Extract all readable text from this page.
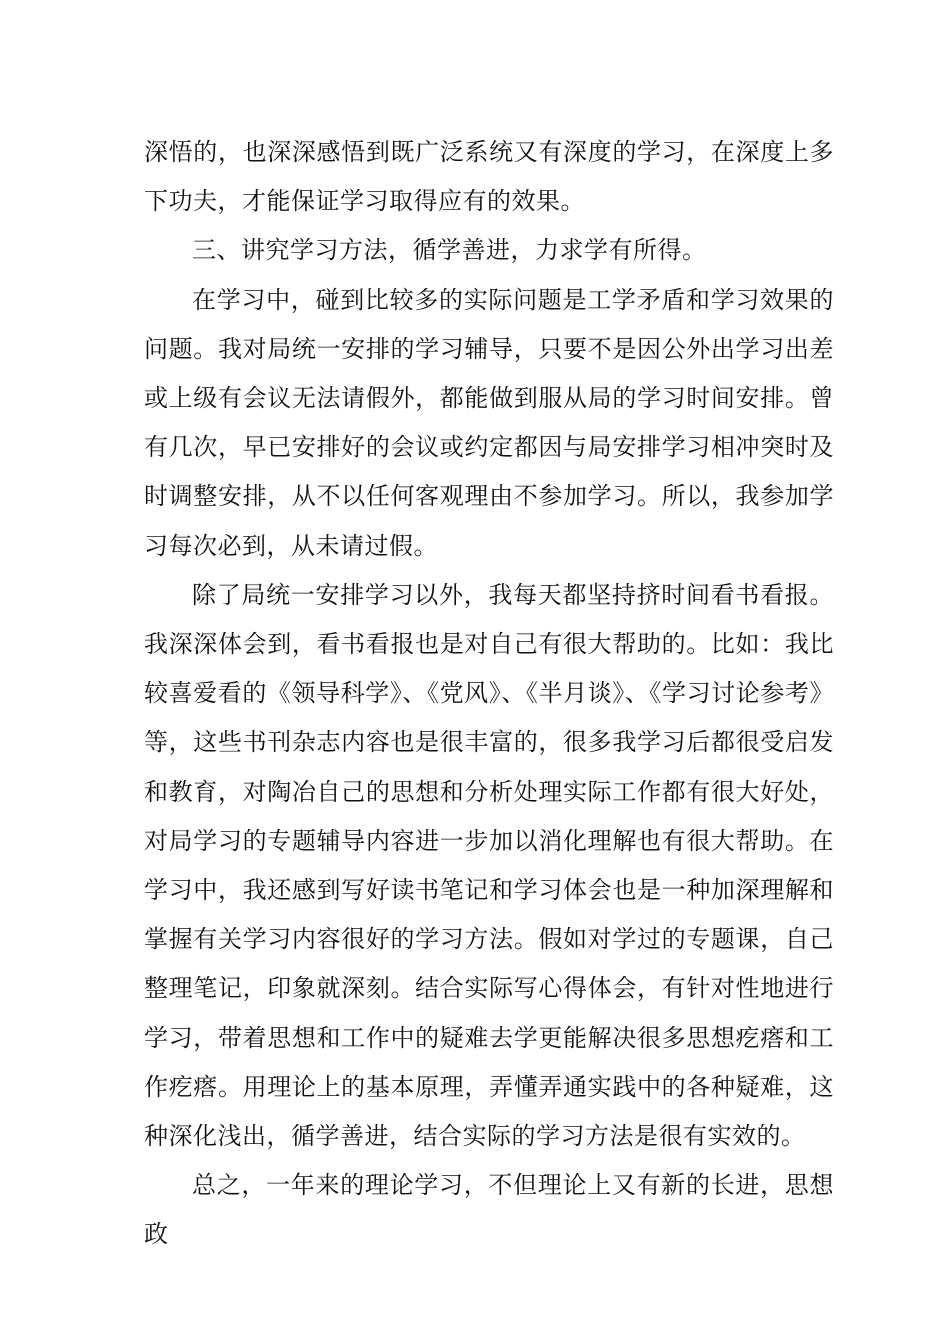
深悟的，也深深感悟到既广泛系统又有深度的学习，在深度上多下功夫，才能保证学习取得应有的效果。

三、讲究学习方法，循学善进，力求学有所得。

在学习中，碰到比较多的实际问题是工学矛盾和学习效果的问题。我对局统一安排的学习辅导，只要不是因公外出学习出差或上级有会议无法请假外，都能做到服从局的学习时间安排。曾有几次，早已安排好的会议或约定都因与局安排学习相冲突时及时调整安排，从不以任何客观理由不参加学习。所以，我参加学习每次必到，从未请过假。

除了局统一安排学习以外，我每天都坚持挤时间看书看报。我深深体会到，看书看报也是对自己有很大帮助的。比如：我比较喜爱看的《领导科学》、《党风》、《半月谈》、《学习讨论参考》等，这些书刊杂志内容也是很丰富的，很多我学习后都很受启发和教育，对陶冶自己的思想和分析处理实际工作都有很大好处，对局学习的专题辅导内容进一步加以消化理解也有很大帮助。在学习中，我还感到写好读书笔记和学习体会也是一种加深理解和掌握有关学习内容很好的学习方法。假如对学过的专题课，自己整理笔记，印象就深刻。结合实际写心得体会，有针对性地进行学习，带着思想和工作中的疑难去学更能解决很多思想疙瘩和工作疙瘩。用理论上的基本原理，弄懂弄通实践中的各种疑难，这种深化浅出，循学善进，结合实际的学习方法是很有实效的。

总之，一年来的理论学习，不但理论上又有新的长进，思想政
